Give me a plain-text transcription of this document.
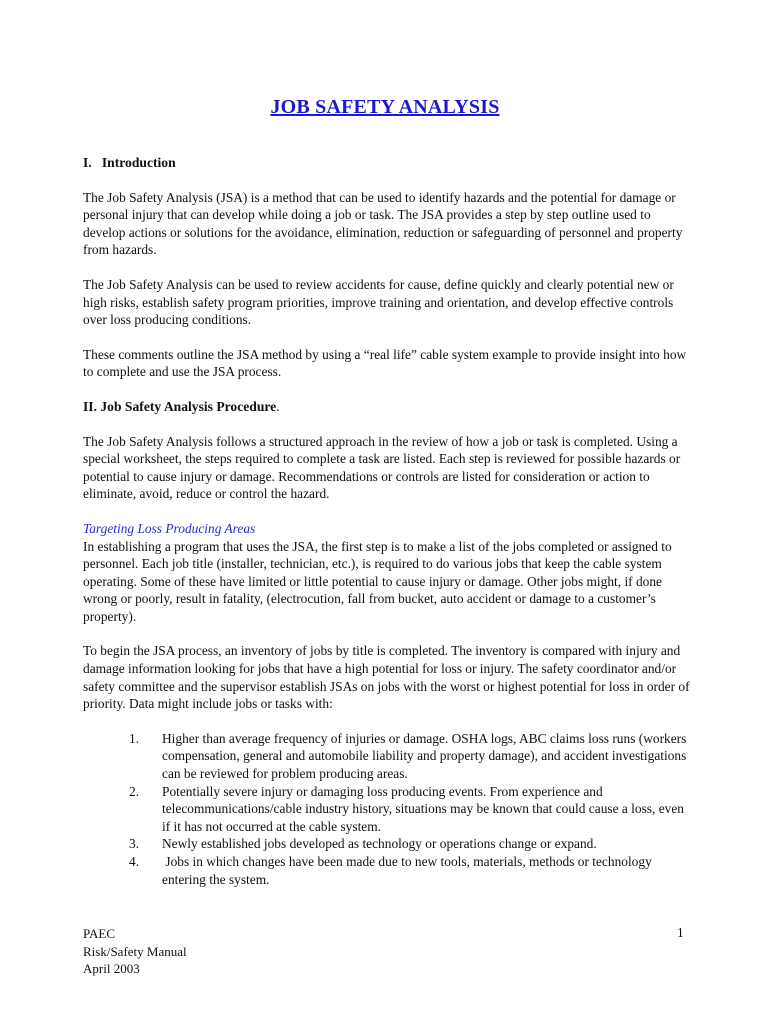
JOB SAFETY ANALYSIS
I.   Introduction

The Job Safety Analysis (JSA) is a method that can be used to identify hazards and the potential for damage or personal injury that can develop while doing a job or task. The JSA provides a step by step outline used to develop actions or solutions for the avoidance, elimination, reduction or safeguarding of personnel and property from hazards.

The Job Safety Analysis can be used to review accidents for cause, define quickly and clearly potential new or high risks, establish safety program priorities, improve training and orientation, and develop effective controls over loss producing conditions.

These comments outline the JSA method by using a “real life” cable system example to provide insight into how to complete and use the JSA process.

II. Job Safety Analysis Procedure.

The Job Safety Analysis follows a structured approach in the review of how a job or task is completed. Using a special worksheet, the steps required to complete a task are listed. Each step is reviewed for possible hazards or potential to cause injury or damage. Recommendations or controls are listed for consideration or action to eliminate, avoid, reduce or control the hazard.

Targeting Loss Producing Areas

In establishing a program that uses the JSA, the first step is to make a list of the jobs completed or assigned to personnel. Each job title (installer, technician, etc.), is required to do various jobs that keep the cable system operating. Some of these have limited or little potential to cause injury or damage. Other jobs might, if done wrong or poorly, result in fatality, (electrocution, fall from bucket, auto accident or damage to a customer’s property).

To begin the JSA process, an inventory of jobs by title is completed. The inventory is compared with injury and damage information looking for jobs that have a high potential for loss or injury. The safety coordinator and/or safety committee and the supervisor establish JSAs on jobs with the worst or highest potential for loss in order of priority. Data might include jobs or tasks with:

1. Higher than average frequency of injuries or damage. OSHA logs, ABC claims loss runs (workers compensation, general and automobile liability and property damage), and accident investigations can be reviewed for problem producing areas.
2. Potentially severe injury or damaging loss producing events. From experience and telecommunications/cable industry history, situations may be known that could cause a loss, even if it has not occurred at the cable system.
3. Newly established jobs developed as technology or operations change or expand.
4. Jobs in which changes have been made due to new tools, materials, methods or technology entering the system.
PAEC
Risk/Safety Manual
April 2003
1
